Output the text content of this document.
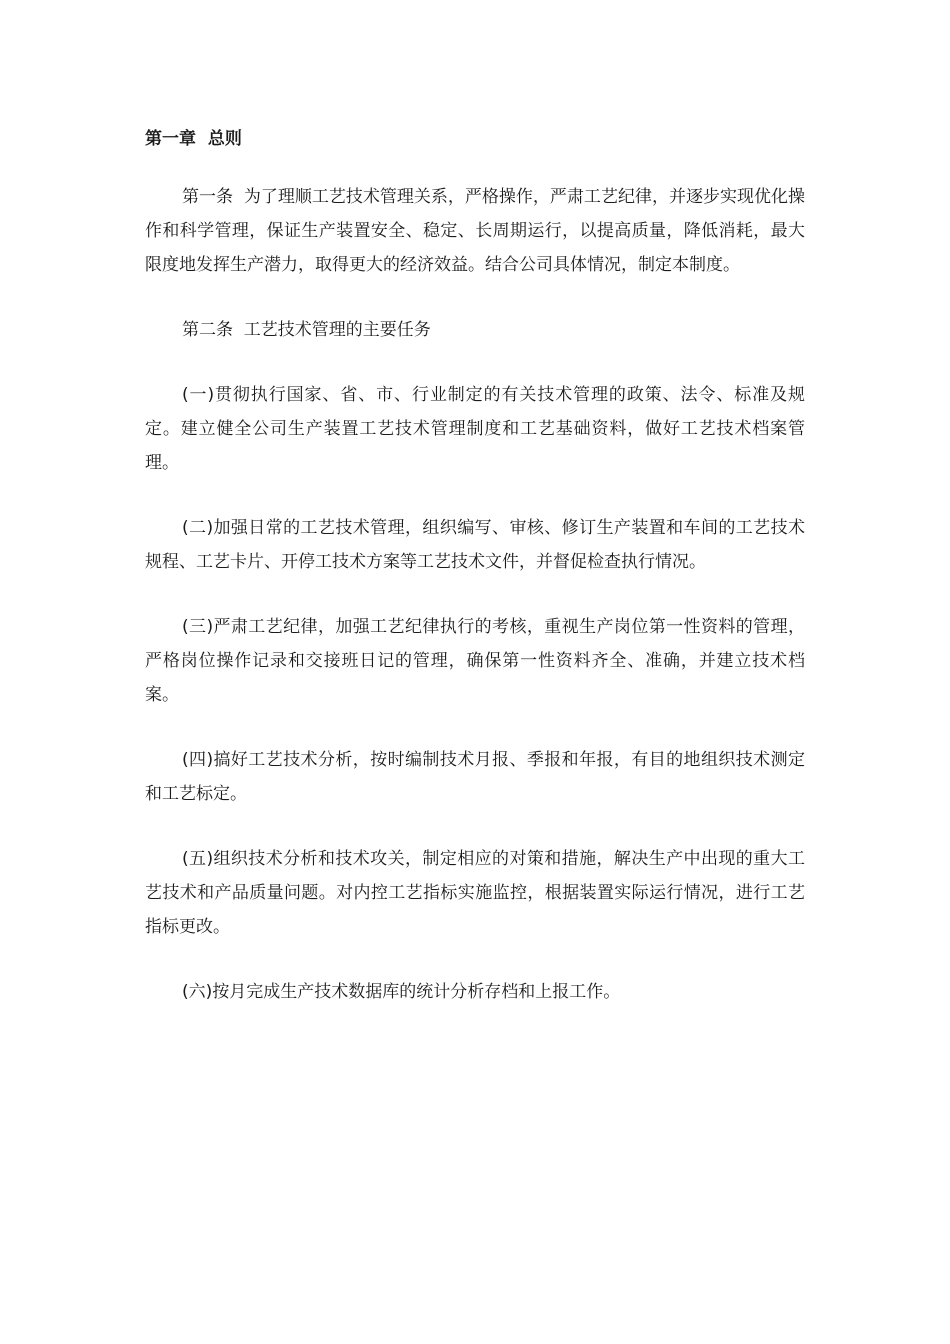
第一章  总则

第一条  为了理顺工艺技术管理关系，严格操作，严肃工艺纪律，并逐步实现优化操作和科学管理，保证生产装置安全、稳定、长周期运行，以提高质量，降低消耗，最大限度地发挥生产潜力，取得更大的经济效益。结合公司具体情况，制定本制度。

第二条  工艺技术管理的主要任务

(一)贯彻执行国家、省、市、行业制定的有关技术管理的政策、法令、标准及规定。建立健全公司生产装置工艺技术管理制度和工艺基础资料，做好工艺技术档案管理。

(二)加强日常的工艺技术管理，组织编写、审核、修订生产装置和车间的工艺技术规程、工艺卡片、开停工技术方案等工艺技术文件，并督促检查执行情况。

(三)严肃工艺纪律，加强工艺纪律执行的考核，重视生产岗位第一性资料的管理，严格岗位操作记录和交接班日记的管理，确保第一性资料齐全、准确，并建立技术档案。

(四)搞好工艺技术分析，按时编制技术月报、季报和年报，有目的地组织技术测定和工艺标定。

(五)组织技术分析和技术攻关，制定相应的对策和措施，解决生产中出现的重大工艺技术和产品质量问题。对内控工艺指标实施监控，根据装置实际运行情况，进行工艺指标更改。

(六)按月完成生产技术数据库的统计分析存档和上报工作。
